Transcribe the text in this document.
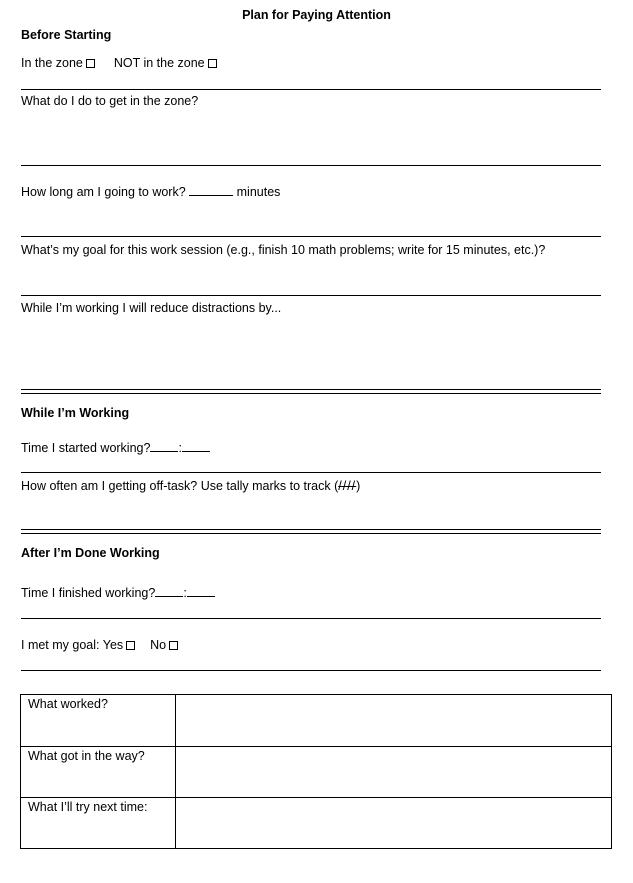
Plan for Paying Attention
Before Starting
In the zone NOT in the zone
What do I do to get in the zone?
How long am I going to work?	minutes
What’s my goal for this work session (e.g., finish 10 math problems; write for 15 minutes, etc.)?
While I’m working I will reduce distractions by...
While I’m Working
Time I started working? :
How often am I getting off-task? Use tally marks to track (////)
After I’m Done Working
Time I finished working? :
I met my goal: Yes No
What worked?	
What got in the way?	
What I’ll try next time:	
